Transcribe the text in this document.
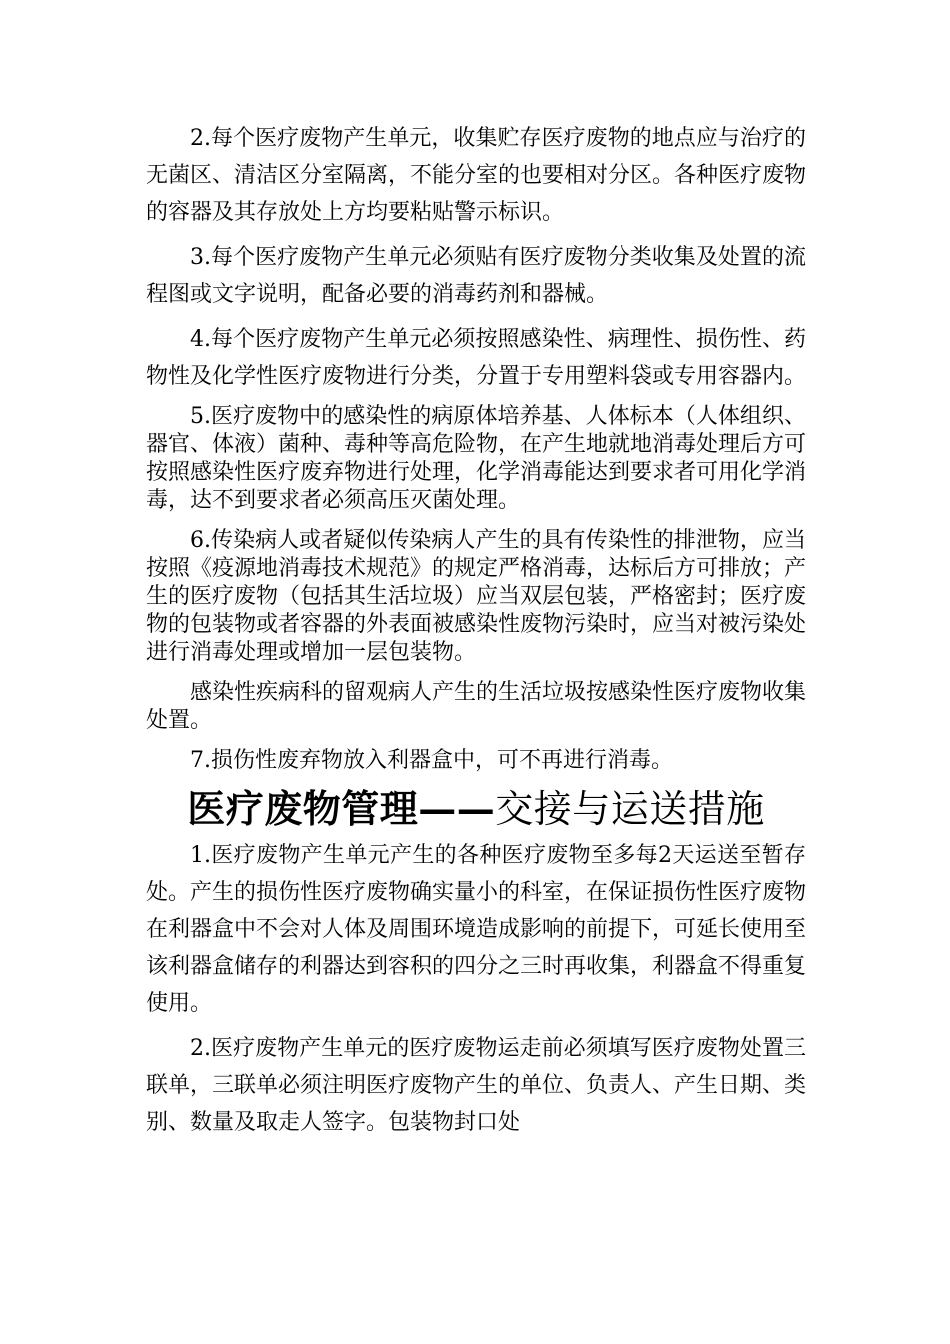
2.每个医疗废物产生单元，收集贮存医疗废物的地点应与治疗的无菌区、清洁区分室隔离，不能分室的也要相对分区。各种医疗废物的容器及其存放处上方均要粘贴警示标识。

3.每个医疗废物产生单元必须贴有医疗废物分类收集及处置的流程图或文字说明，配备必要的消毒药剂和器械。

4.每个医疗废物产生单元必须按照感染性、病理性、损伤性、药物性及化学性医疗废物进行分类，分置于专用塑料袋或专用容器内。

5.医疗废物中的感染性的病原体培养基、人体标本（人体组织、器官、体液）菌种、毒种等高危险物，在产生地就地消毒处理后方可按照感染性医疗废弃物进行处理，化学消毒能达到要求者可用化学消毒，达不到要求者必须高压灭菌处理。

6.传染病人或者疑似传染病人产生的具有传染性的排泄物，应当按照《疫源地消毒技术规范》的规定严格消毒，达标后方可排放；产生的医疗废物（包括其生活垃圾）应当双层包装，严格密封；医疗废物的包装物或者容器的外表面被感染性废物污染时，应当对被污染处进行消毒处理或增加一层包装物。

感染性疾病科的留观病人产生的生活垃圾按感染性医疗废物收集处置。

7.损伤性废弃物放入利器盒中，可不再进行消毒。

医疗废物管理——交接与运送措施

1.医疗废物产生单元产生的各种医疗废物至多每2天运送至暂存处。产生的损伤性医疗废物确实量小的科室，在保证损伤性医疗废物在利器盒中不会对人体及周围环境造成影响的前提下，可延长使用至该利器盒储存的利器达到容积的四分之三时再收集，利器盒不得重复使用。

2.医疗废物产生单元的医疗废物运走前必须填写医疗废物处置三联单，三联单必须注明医疗废物产生的单位、负责人、产生日期、类别、数量及取走人签字。包装物封口处
